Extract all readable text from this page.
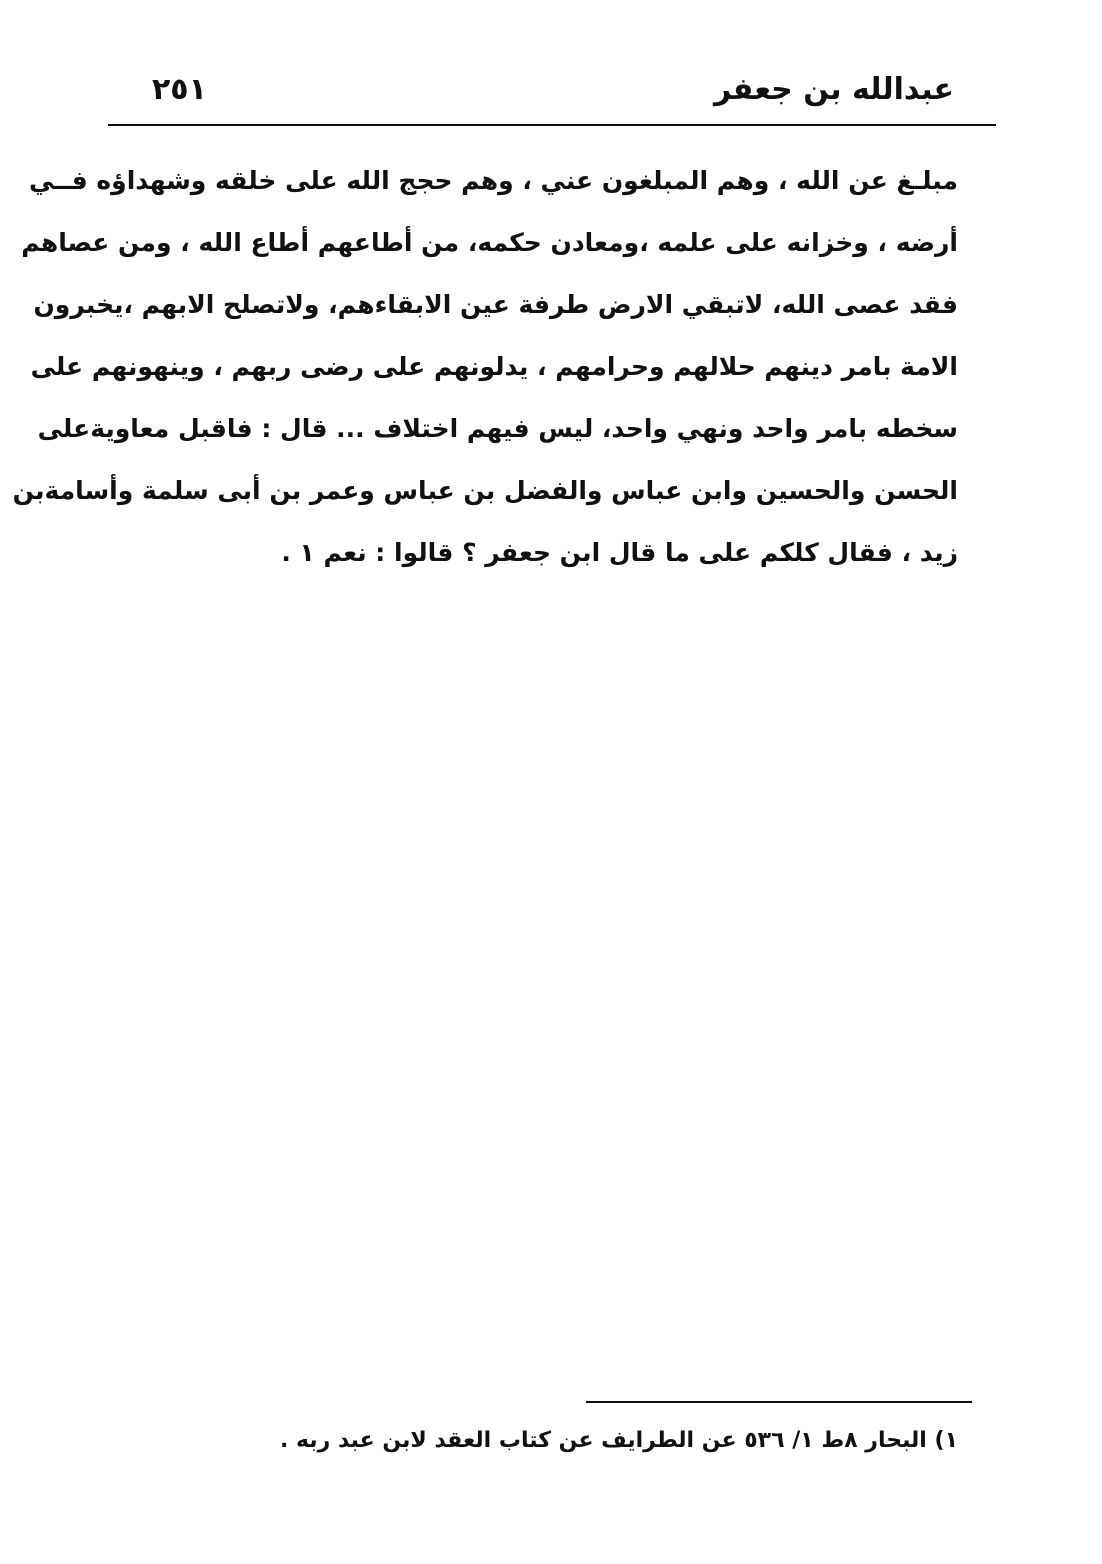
عبدالله بن جعفر
٢٥١
مبلـغ عن الله ، وهم المبلغون عني ، وهم حجج الله على خلقه وشهداؤه فــي
أرضه ، وخزانه على علمه ،ومعادن حكمه، من أطاعهم أطاع الله ، ومن عصاهم
فقد عصى الله، لاتبقي الارض طرفة عين الابقاءهم، ولاتصلح الابهم ،يخبرون
الامة بامر دينهم حلالهم وحرامهم ، يدلونهم على رضى ربهم ، وينهونهم على
سخطه بامر واحد ونهي واحد، ليس فيهم اختلاف ... قال : فاقبل معاويةعلى
الحسن والحسين وابن عباس والفضل بن عباس وعمر بن أبى سلمة وأسامةبن
زيد ، فقال كلكم على ما قال ابن جعفر ؟ قالوا : نعم ١ .
١) البحار ٨ط ١/ ٥٣٦ عن الطرايف عن كتاب العقد لابن عبد ربه .
